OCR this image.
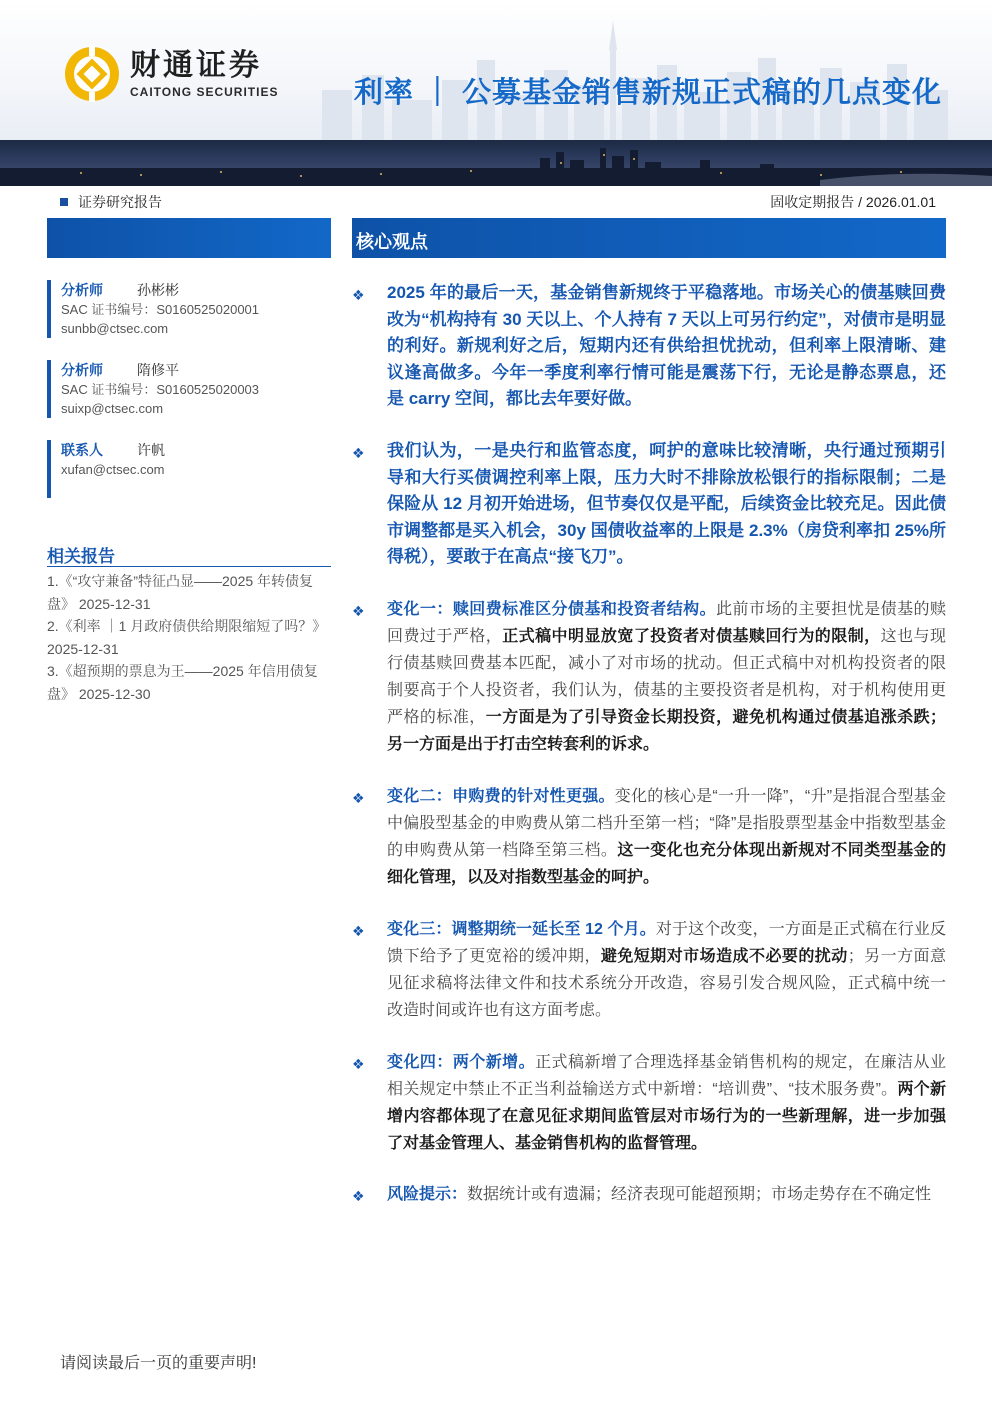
财通证券
CAITONG SECURITIES	利率 ｜ 公募基金销售新规正式稿的几点变化
证券研究报告	固收定期报告 / 2026.01.01
核心观点
分析师	孙彬彬
SAC 证书编号：S0160525020001
sunbb@ctsec.com
分析师	隋修平
SAC 证书编号：S0160525020003
suixp@ctsec.com
联系人	许帆
xufan@ctsec.com
相关报告
1.《“攻守兼备”特征凸显——2025 年转债复盘》 2025-12-31
2.《利率 ｜1 月政府债供给期限缩短了吗？》 2025-12-31
3.《超预期的票息为王——2025 年信用债复盘》 2025-12-30
❖ 2025 年的最后一天，基金销售新规终于平稳落地。市场关心的债基赎回费改为“机构持有 30 天以上、个人持有 7 天以上可另行约定”，对债市是明显的利好。新规利好之后，短期内还有供给担忧扰动，但利率上限清晰、建议逢高做多。今年一季度利率行情可能是震荡下行，无论是静态票息，还是 carry 空间，都比去年要好做。
❖ 我们认为，一是央行和监管态度，呵护的意味比较清晰，央行通过预期引导和大行买债调控利率上限，压力大时不排除放松银行的指标限制；二是保险从 12 月初开始进场，但节奏仅仅是平配，后续资金比较充足。因此债市调整都是买入机会，30y 国债收益率的上限是 2.3%（房贷利率扣 25%所得税），要敢于在高点“接飞刀”。
❖ 变化一：赎回费标准区分债基和投资者结构。此前市场的主要担忧是债基的赎回费过于严格，正式稿中明显放宽了投资者对债基赎回行为的限制，这也与现行债基赎回费基本匹配，减小了对市场的扰动。但正式稿中对机构投资者的限制要高于个人投资者，我们认为，债基的主要投资者是机构，对于机构使用更严格的标准，一方面是为了引导资金长期投资，避免机构通过债基追涨杀跌；另一方面是出于打击空转套利的诉求。
❖ 变化二：申购费的针对性更强。变化的核心是“一升一降”，“升”是指混合型基金中偏股型基金的申购费从第二档升至第一档；“降”是指股票型基金中指数型基金的申购费从第一档降至第三档。这一变化也充分体现出新规对不同类型基金的细化管理，以及对指数型基金的呵护。
❖ 变化三：调整期统一延长至 12 个月。对于这个改变，一方面是正式稿在行业反馈下给予了更宽裕的缓冲期，避免短期对市场造成不必要的扰动；另一方面意见征求稿将法律文件和技术系统分开改造，容易引发合规风险，正式稿中统一改造时间或许也有这方面考虑。
❖ 变化四：两个新增。正式稿新增了合理选择基金销售机构的规定，在廉洁从业相关规定中禁止不正当利益输送方式中新增：“培训费”、“技术服务费”。两个新增内容都体现了在意见征求期间监管层对市场行为的一些新理解，进一步加强了对基金管理人、基金销售机构的监督管理。
❖ 风险提示：数据统计或有遗漏；经济表现可能超预期；市场走势存在不确定性
请阅读最后一页的重要声明!
